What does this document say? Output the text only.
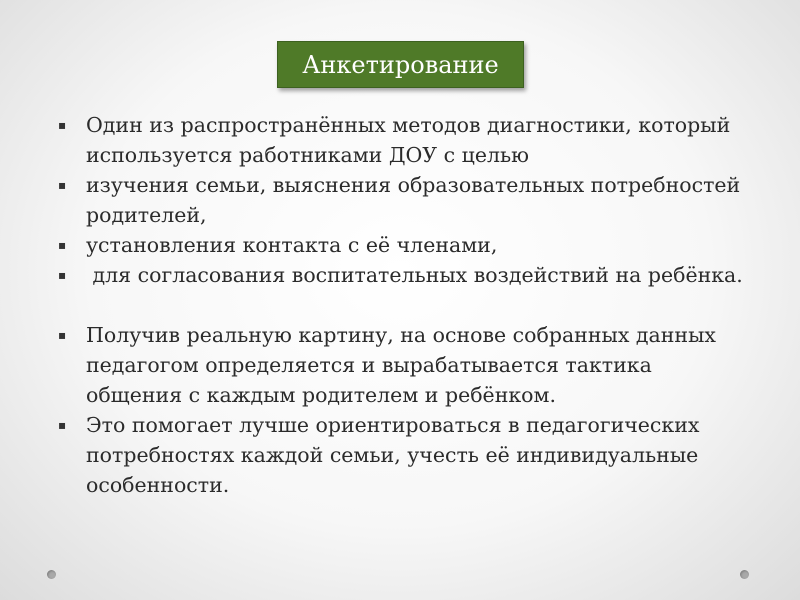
Анкетирование
▪ Один из распространённых методов диагностики, который используется работниками ДОУ с целью
▪ изучения семьи, выяснения образовательных потребностей родителей,
▪ установления контакта с её членами,
▪ для согласования воспитательных воздействий на ребёнка.
▪ Получив реальную картину, на основе собранных данных педагогом определяется и вырабатывается тактика общения с каждым родителем и ребёнком.
▪ Это помогает лучше ориентироваться в педагогических потребностях каждой семьи, учесть её индивидуальные особенности.
